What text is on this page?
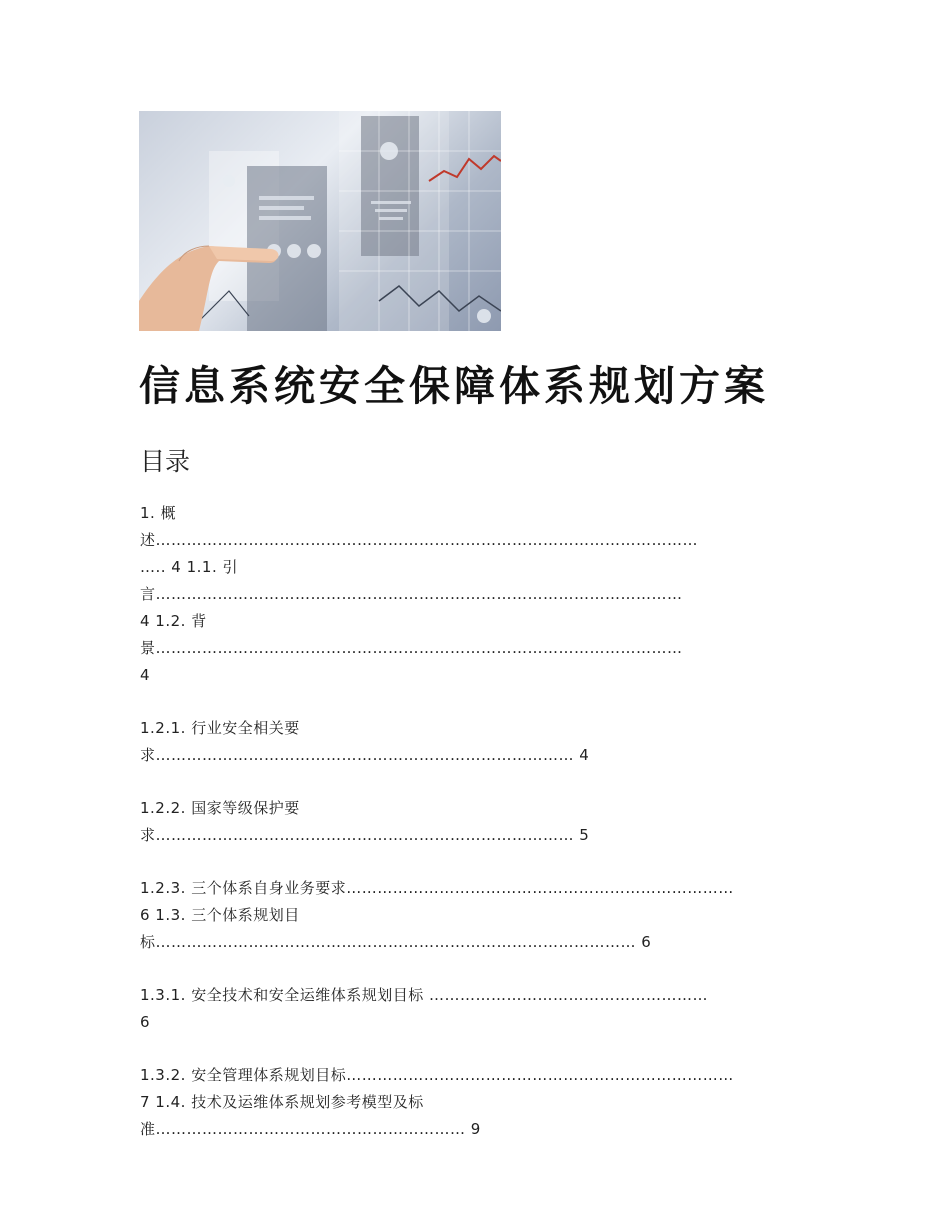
信息系统安全保障体系规划方案
目录
1. 概
述……………………………………………………………………………………………
….. 4 1.1. 引
言…………………………………………………………………………………………
4 1.2. 背
景…………………………………………………………………………………………
4
1.2.1. 行业安全相关要
求……………………………………………………………………… 4
1.2.2. 国家等级保护要
求……………………………………………………………………… 5
1.2.3. 三个体系自身业务要求…………………………………………………………………
6 1.3. 三个体系规划目
标………………………………………………………………………………… 6
1.3.1. 安全技术和安全运维体系规划目标 ………………………………………………
6
1.3.2. 安全管理体系规划目标…………………………………………………………………
7 1.4. 技术及运维体系规划参考模型及标
准…………………………………………………… 9
